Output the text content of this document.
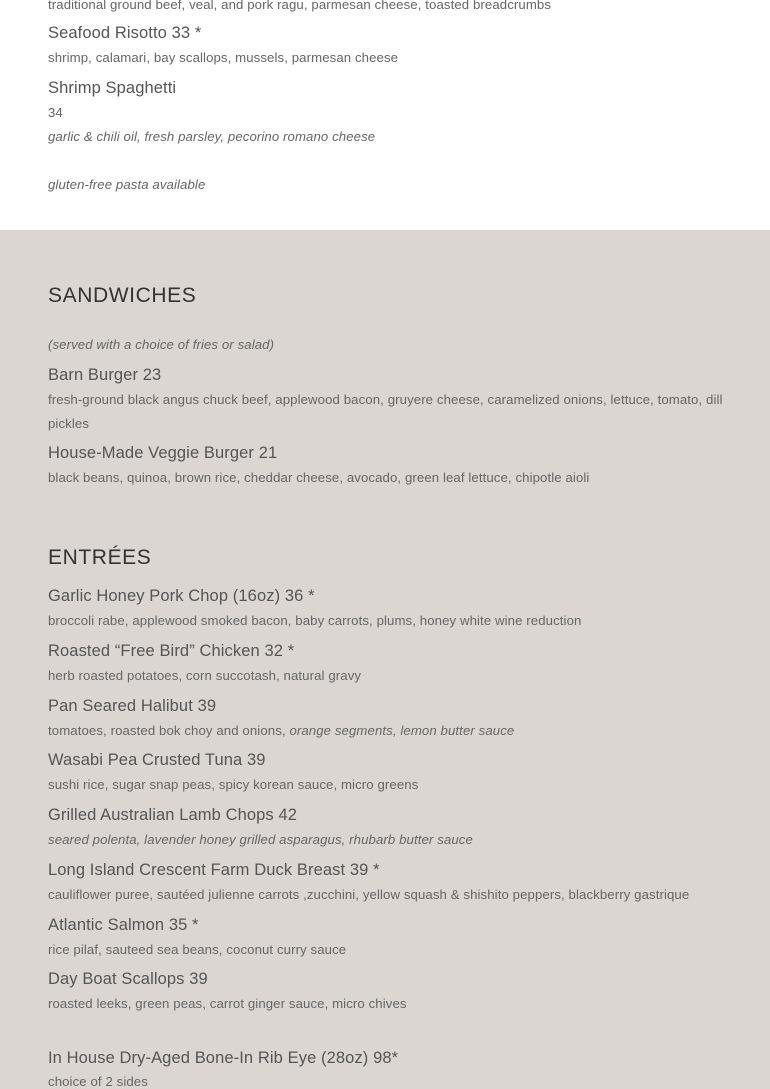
traditional ground beef, veal, and pork ragu, parmesan cheese, toasted breadcrumbs

Seafood Risotto 33 *

shrimp, calamari, bay scallops, mussels, parmesan cheese

Shrimp Spaghetti

34

garlic & chili oil, fresh parsley, pecorino romano cheese

gluten-free pasta available

SANDWICHES

(served with a choice of fries or salad)

Barn Burger 23

fresh-ground black angus chuck beef, applewood bacon, gruyere cheese, caramelized onions, lettuce, tomato, dill pickles

House-Made Veggie Burger 21

black beans, quinoa, brown rice, cheddar cheese, avocado, green leaf lettuce, chipotle aioli

ENTRÉES

Garlic Honey Pork Chop (16oz) 36 *

broccoli rabe, applewood smoked bacon, baby carrots, plums, honey white wine reduction

Roasted “Free Bird” Chicken 32 *

herb roasted potatoes, corn succotash, natural gravy

Pan Seared Halibut 39

tomatoes, roasted bok choy and onions, orange segments, lemon butter sauce

Wasabi Pea Crusted Tuna 39

sushi rice, sugar snap peas, spicy korean sauce, micro greens

Grilled Australian Lamb Chops 42

seared polenta, lavender honey grilled asparagus, rhubarb butter sauce

Long Island Crescent Farm Duck Breast 39 *

cauliflower puree, sautéed julienne carrots ,zucchini, yellow squash & shishito peppers, blackberry gastrique

Atlantic Salmon 35 *

rice pilaf, sauteed sea beans, coconut curry sauce

Day Boat Scallops 39

roasted leeks, green peas, carrot ginger sauce, micro chives

In House Dry-Aged Bone-In Rib Eye (28oz) 98*

choice of 2 sides
